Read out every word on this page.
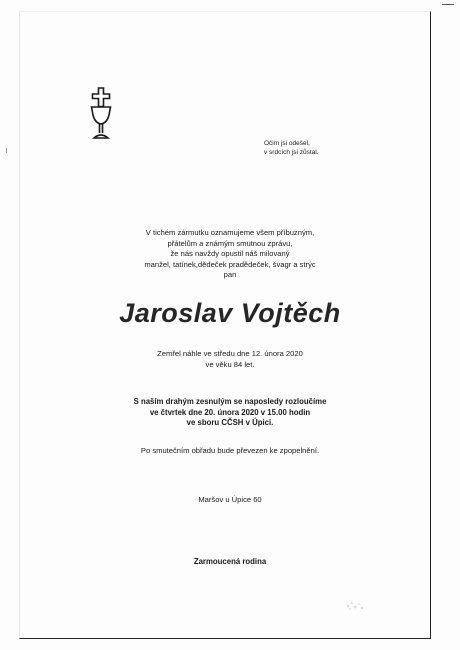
Očim jsi odešel,
v srdcích jsi zůstal.
V tichém zármutku oznamujeme všem příbuzným,
přátelům a známým smutnou zprávu,
že nás navždy opustil náš milovaný
manžel, tatínek,dědeček pradědeček, švagr a strýc
pan
Jaroslav Vojtěch
Zemřel náhle ve středu dne 12. února 2020
ve věku 84 let.
S naším drahým zesnulým se naposledy rozloučíme
ve čtvrtek dne 20. února 2020 v 15.00 hodin
ve sboru CČSH v Úpici.
Po smutečním obřadu bude převezen ke zpopelnění.
Maršov u Úpice 60
Zarmoucená rodina
